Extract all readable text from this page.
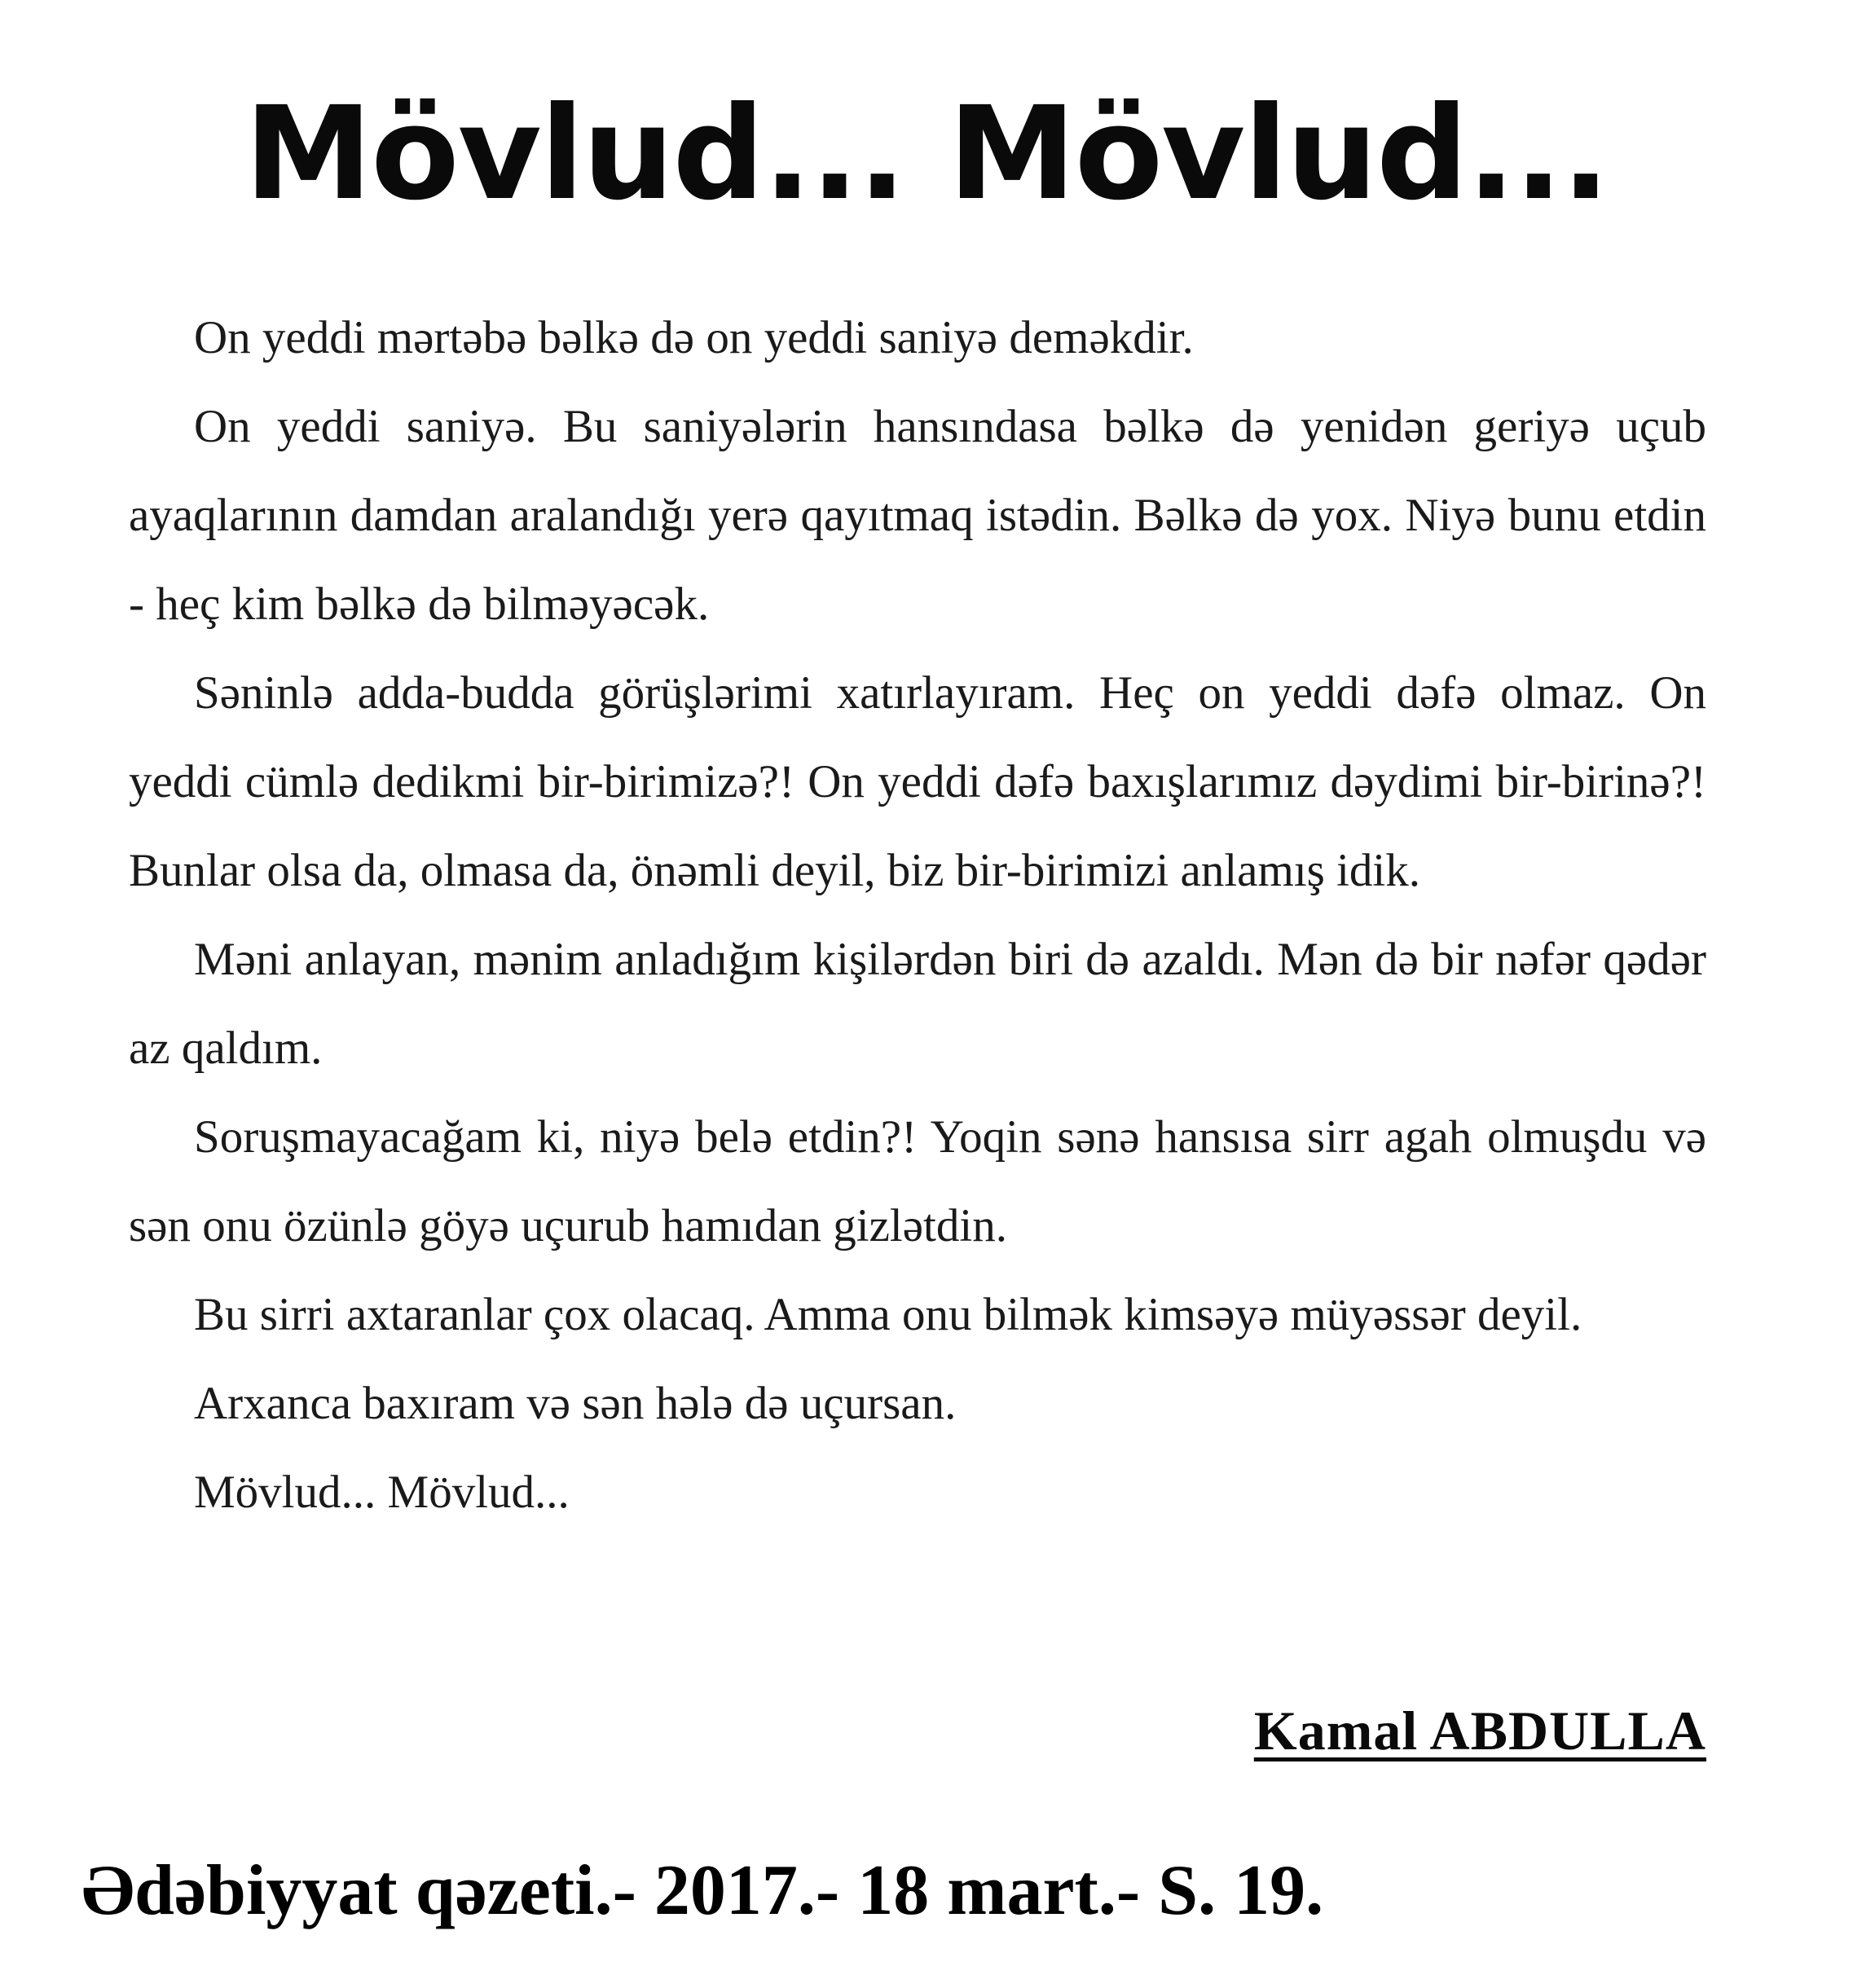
Mövlud... Mövlud...

On yeddi mərtəbə bəlkə də on yeddi saniyə deməkdir.

On yeddi saniyə. Bu saniyələrin hansındasa bəlkə də yenidən geriyə uçub ayaqlarının damdan aralandığı yerə qayıtmaq istədin. Bəlkə də yox. Niyə bunu etdin - heç kim bəlkə də bilməyəcək.

Səninlə adda-budda görüşlərimi xatırlayıram. Heç on yeddi dəfə olmaz. On yeddi cümlə dedikmi bir-birimizə?! On yeddi dəfə baxışlarımız dəydimi bir-birinə?! Bunlar olsa da, olmasa da, önəmli deyil, biz bir-birimizi anlamış idik.

Məni anlayan, mənim anladığım kişilərdən biri də azaldı. Mən də bir nəfər qədər az qaldım.

Soruşmayacağam ki, niyə belə etdin?! Yoqin sənə hansısa sirr agah olmuşdu və sən onu özünlə göyə uçurub hamıdan gizlətdin.

Bu sirri axtaranlar çox olacaq. Amma onu bilmək kimsəyə müyəssər deyil.

Arxanca baxıram və sən hələ də uçursan.

Mövlud... Mövlud...

Kamal ABDULLA
Ədəbiyyat qəzeti.- 2017.- 18 mart.- S. 19.
